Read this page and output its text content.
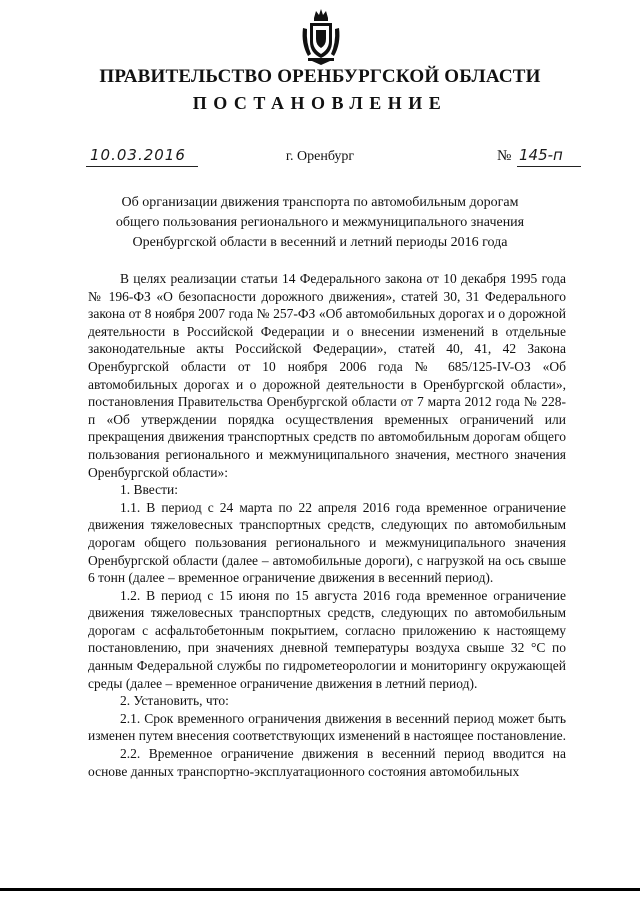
ПРАВИТЕЛЬСТВО ОРЕНБУРГСКОЙ ОБЛАСТИ
ПОСТАНОВЛЕНИЕ
10.03.2016	г. Оренбург	№ 145-п

Об организации движения транспорта по автомобильным дорогам общего пользования регионального и межмуниципального значения Оренбургской области в весенний и летний периоды 2016 года

В целях реализации статьи 14 Федерального закона от 10 декабря 1995 года № 196-ФЗ «О безопасности дорожного движения», статей 30, 31 Федерального закона от 8 ноября 2007 года № 257-ФЗ «Об автомобильных дорогах и о дорожной деятельности в Российской Федерации и о внесении изменений в отдельные законодательные акты Российской Федерации», статей 40, 41, 42 Закона Оренбургской области от 10 ноября 2006 года № 685/125-IV-ОЗ «Об автомобильных дорогах и о дорожной деятельности в Оренбургской области», постановления Правительства Оренбургской области от 7 марта 2012 года № 228-п «Об утверждении порядка осуществления временных ограничений или прекращения движения транспортных средств по автомобильным дорогам общего пользования регионального и межмуниципального значения, местного значения Оренбургской области»:

1. Ввести:

1.1. В период с 24 марта по 22 апреля 2016 года временное ограничение движения тяжеловесных транспортных средств, следующих по автомобильным дорогам общего пользования регионального и межмуниципального значения Оренбургской области (далее – автомобильные дороги), с нагрузкой на ось свыше 6 тонн (далее – временное ограничение движения в весенний период).

1.2. В период с 15 июня по 15 августа 2016 года временное ограничение движения тяжеловесных транспортных средств, следующих по автомобильным дорогам с асфальтобетонным покрытием, согласно приложению к настоящему постановлению, при значениях дневной температуры воздуха свыше 32 °С по данным Федеральной службы по гидрометеорологии и мониторингу окружающей среды (далее – временное ограничение движения в летний период).

2. Установить, что:

2.1. Срок временного ограничения движения в весенний период может быть изменен путем внесения соответствующих изменений в настоящее постановление.

2.2. Временное ограничение движения в весенний период вводится на основе данных транспортно-эксплуатационного состояния автомобильных
